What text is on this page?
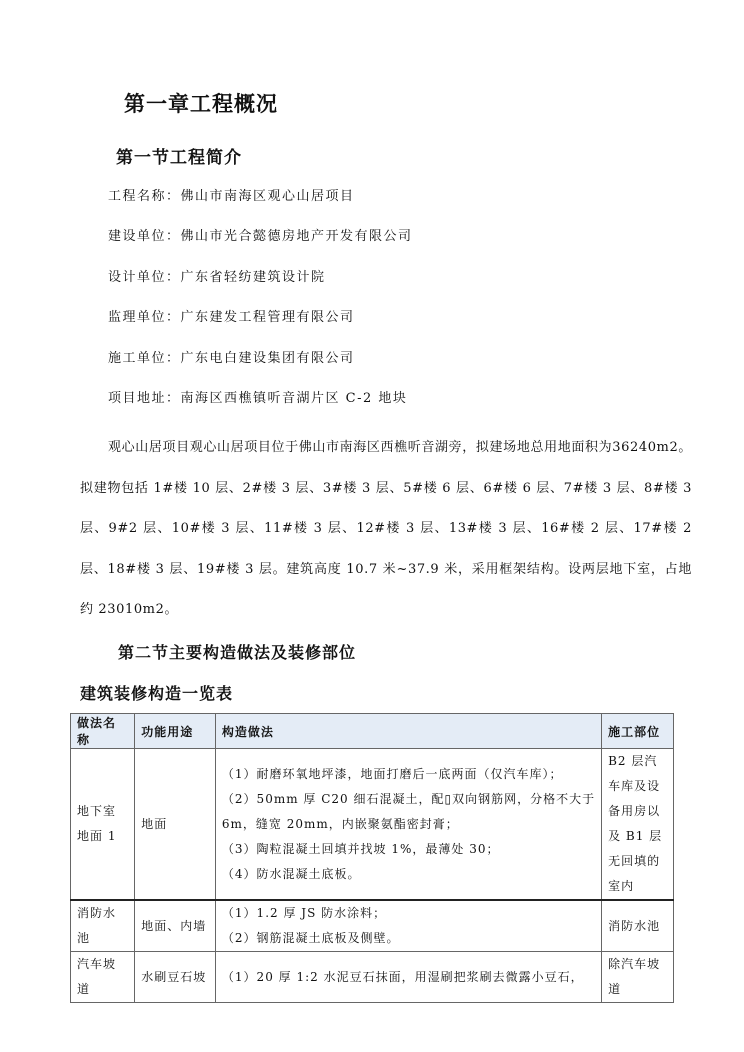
第一章工程概况
第一节工程简介
工程名称：佛山市南海区观心山居项目
建设单位：佛山市光合懿德房地产开发有限公司
设计单位：广东省轻纺建筑设计院
监理单位：广东建发工程管理有限公司
施工单位：广东电白建设集团有限公司
项目地址：南海区西樵镇听音湖片区 C-2 地块
观心山居项目观心山居项目位于佛山市南海区西樵听音湖旁，拟建场地总用地面积为36240m2。拟建物包括 1#楼 10 层、2#楼 3 层、3#楼 3 层、5#楼 6 层、6#楼 6 层、7#楼 3 层、8#楼 3 层、9#2 层、10#楼 3 层、11#楼 3 层、12#楼 3 层、13#楼 3 层、16#楼 2 层、17#楼 2 层、18#楼 3 层、19#楼 3 层。建筑高度 10.7 米~37.9 米，采用框架结构。设两层地下室，占地约 23010m2。
第二节主要构造做法及装修部位
建筑装修构造一览表
做法名称	功能用途	构造做法	施工部位
地下室地面 1	地面	（1）耐磨环氧地坪漆，地面打磨后一底两面（仅汽车库）；
（2）50mm 厚 C20 细石混凝土，配▯双向钢筋网，分格不大于
6m，缝宽 20mm，内嵌聚氨酯密封膏；
（3）陶粒混凝土回填并找坡 1%，最薄处 30；
（4）防水混凝土底板。	B2 层汽车库及设备用房以及 B1 层无回填的室内
消防水池	地面、内墙	（1）1.2 厚 JS 防水涂料；
（2）钢筋混凝土底板及侧壁。	消防水池
汽车坡道	水刷豆石坡	（1）20 厚 1:2 水泥豆石抹面，用湿刷把浆刷去微露小豆石，	除汽车坡道
